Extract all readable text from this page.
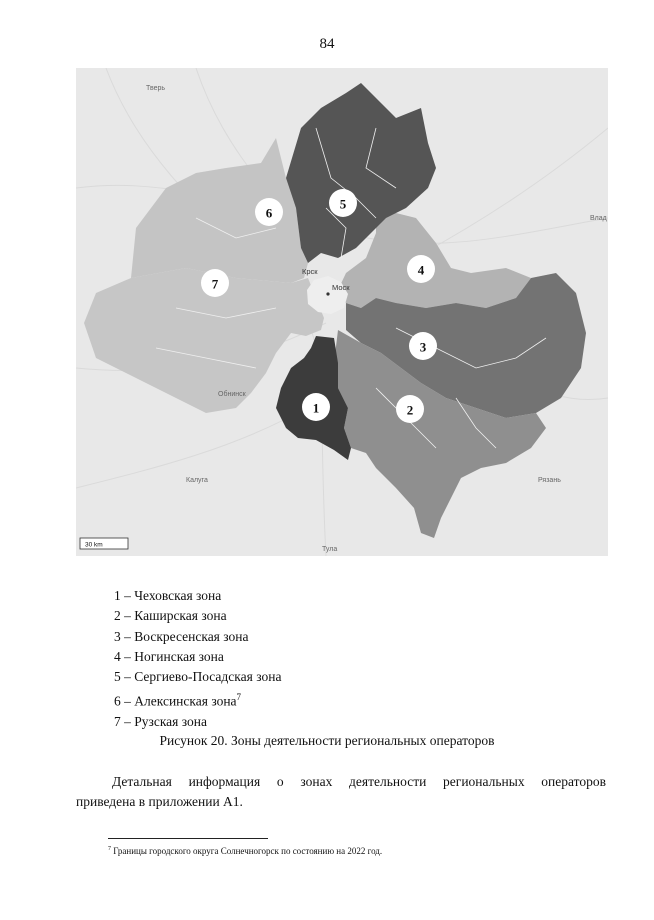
84
Моск
Крск
Тверь
Калуга
Тула
Рязань
Обнинск
Влад
1	2
3
4
5
6
7
30 km
1 – Чеховская зона
2 – Каширская зона
3 – Воскресенская зона
4 – Ногинская зона
5 – Сергиево-Посадская зона
6 – Алексинская зона$^7$
7 – Рузская зона
Рисунок 20. Зоны деятельности региональных операторов
Детальная информация о зонах деятельности региональных операторов
приведена в приложении А1.
$^7$ Границы городского округа Солнечногорск по состоянию на 2022 год.
